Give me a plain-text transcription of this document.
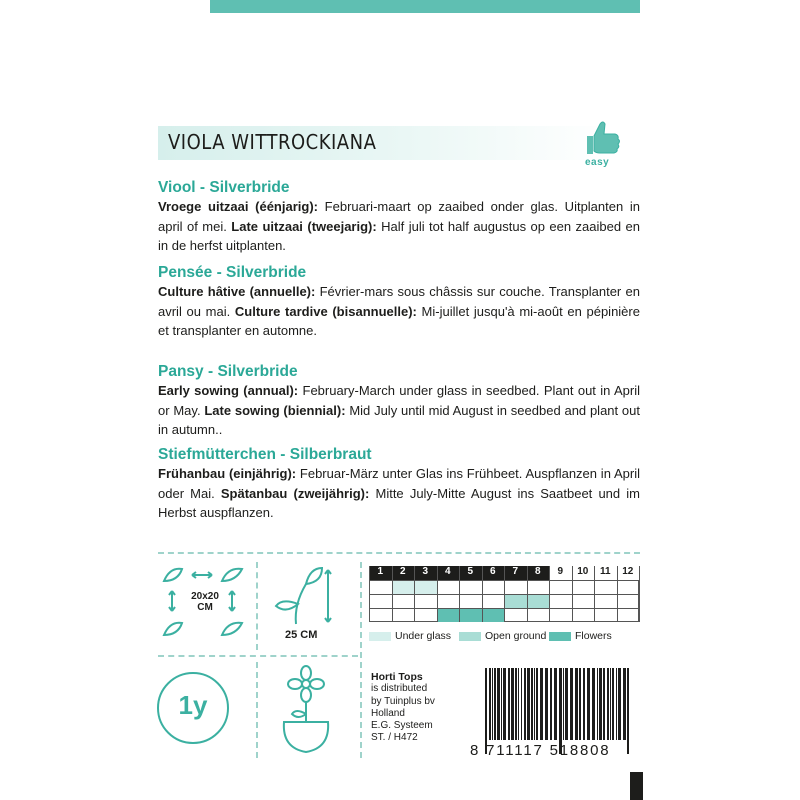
VIOLA WITTROCKIANA
easy
Viool - Silverbride
Vroege uitzaai (éénjarig): Februari-maart op zaaibed onder glas. Uitplanten in april of mei. Late uitzaai (tweejarig): Half juli tot half augustus op een zaaibed en in de herfst uitplanten.
Pensée - Silverbride
Culture hâtive (annuelle): Février-mars sous châssis sur couche. Transplanter en avril ou mai. Culture tardive (bisannuelle): Mi-juillet jusqu'à mi-août en pépinière et transplanter en automne.
Pansy - Silverbride
Early sowing (annual): February-March under glass in seedbed. Plant out in April or May. Late sowing (biennial): Mid July until mid August in seedbed and plant out in autumn..
Stiefmütterchen - Silberbraut
Frühanbau (einjährig): Februar-März unter Glas ins Frühbeet. Auspflanzen in April oder Mai. Spätanbau (zweijährig): Mitte July-Mitte August ins Saatbeet und im Herbst auspflanzen.
20x20
CM
25 CM
1	2	3	4	5	6	7	8	9	10	11	12
Under glass	Open ground	Flowers
1y
Horti Tops
is distributed
by Tuinplus bv
Holland
E.G. Systeem
ST. / H472
8 711117 518808
